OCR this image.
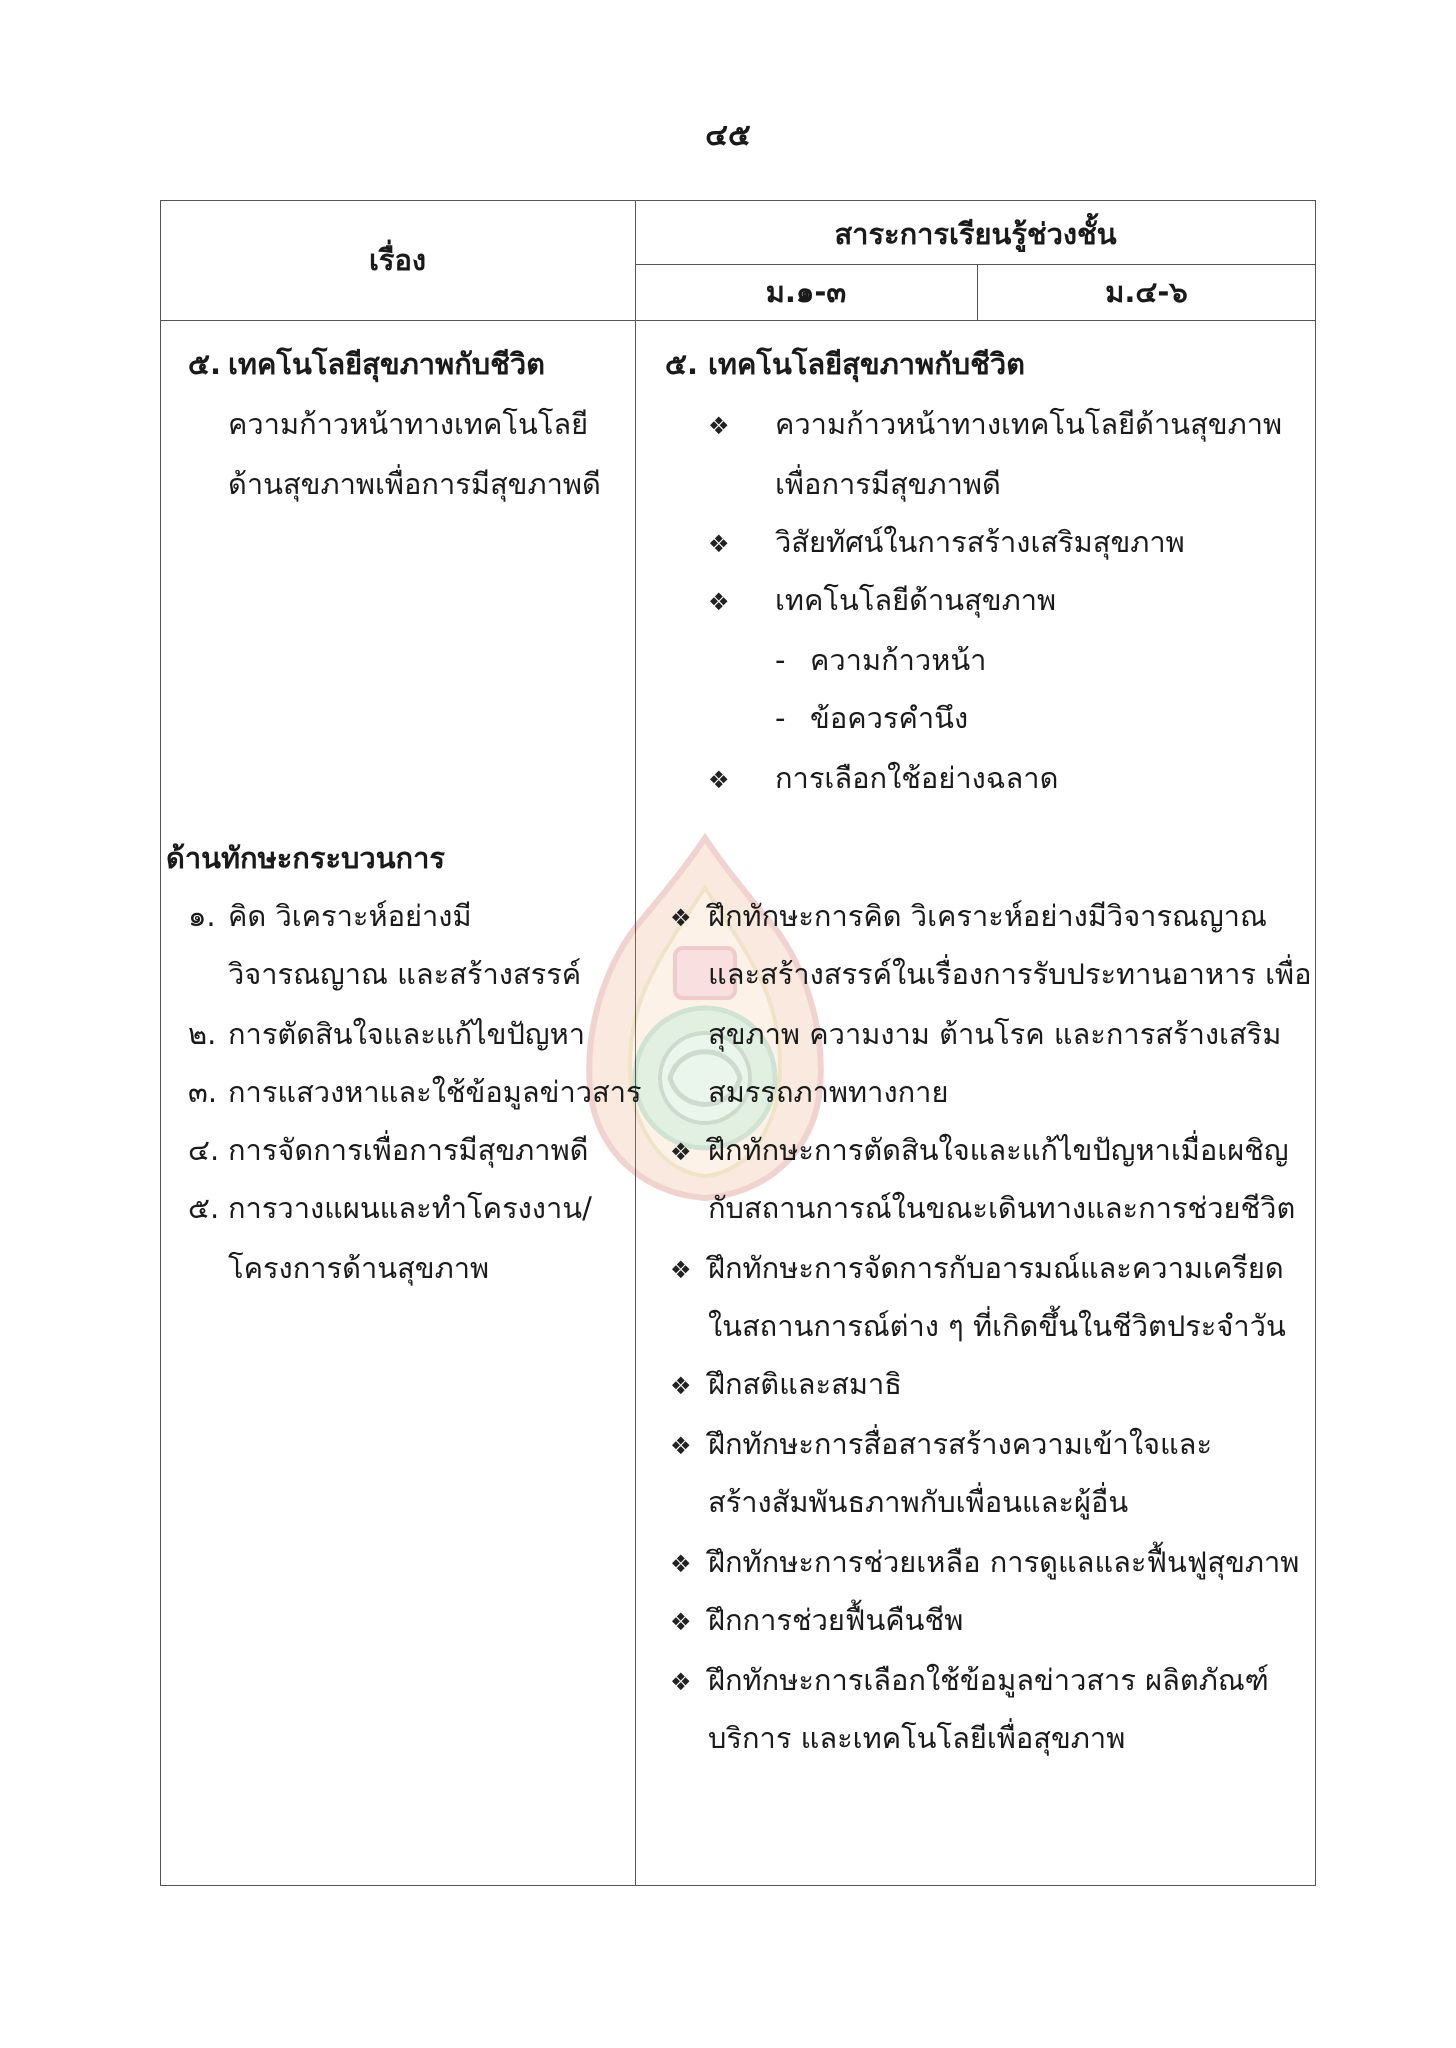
๔๕
เรื่อง
สาระการเรียนรู้ช่วงชั้น
ม.๑-๓	ม.๔-๖
๕. เทคโนโลยีสุขภาพกับชีวิต
ความก้าวหน้าทางเทคโนโลยี
ด้านสุขภาพเพื่อการมีสุขภาพดี
ด้านทักษะกระบวนการ
๑. คิด วิเคราะห์อย่างมี
วิจารณญาณ และสร้างสรรค์
๒. การตัดสินใจและแก้ไขปัญหา
๓. การแสวงหาและใช้ข้อมูลข่าวสาร
๔. การจัดการเพื่อการมีสุขภาพดี
๕. การวางแผนและทำโครงงาน/
โครงการด้านสุขภาพ
๕. เทคโนโลยีสุขภาพกับชีวิต
❖ ความก้าวหน้าทางเทคโนโลยีด้านสุขภาพ
เพื่อการมีสุขภาพดี
❖ วิสัยทัศน์ในการสร้างเสริมสุขภาพ
❖ เทคโนโลยีด้านสุขภาพ
- ความก้าวหน้า
- ข้อควรคำนึง
❖ การเลือกใช้อย่างฉลาด
❖ ฝึกทักษะการคิด วิเคราะห์อย่างมีวิจารณญาณ
และสร้างสรรค์ในเรื่องการรับประทานอาหาร เพื่อ
สุขภาพ ความงาม ต้านโรค และการสร้างเสริม
สมรรถภาพทางกาย
❖ ฝึกทักษะการตัดสินใจและแก้ไขปัญหาเมื่อเผชิญ
กับสถานการณ์ในขณะเดินทางและการช่วยชีวิต
❖ ฝึกทักษะการจัดการกับอารมณ์และความเครียด
ในสถานการณ์ต่าง ๆ ที่เกิดขึ้นในชีวิตประจำวัน
❖ ฝึกสติและสมาธิ
❖ ฝึกทักษะการสื่อสารสร้างความเข้าใจและ
สร้างสัมพันธภาพกับเพื่อนและผู้อื่น
❖ ฝึกทักษะการช่วยเหลือ การดูแลและฟื้นฟูสุขภาพ
❖ ฝึกการช่วยฟื้นคืนชีพ
❖ ฝึกทักษะการเลือกใช้ข้อมูลข่าวสาร ผลิตภัณฑ์
บริการ และเทคโนโลยีเพื่อสุขภาพ
